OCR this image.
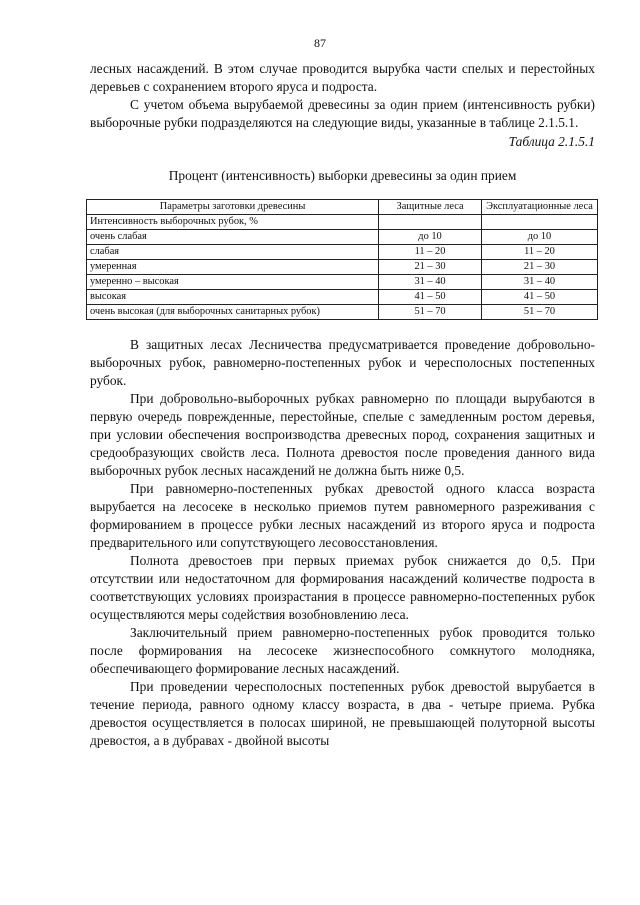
87

лесных насаждений. В этом случае проводится вырубка части спелых и перестойных деревьев с сохранением второго яруса и подроста.

С учетом объема вырубаемой древесины за один прием (интенсивность рубки) выборочные рубки подразделяются на следующие виды, указанные в таблице 2.1.5.1.

Таблица 2.1.5.1
Процент (интенсивность) выборки древесины за один прием
Параметры заготовки древесины	Защитные леса	Эксплуатационные леса
Интенсивность выборочных рубок, %		
очень слабая	до 10	до 10
слабая	11 – 20	11 – 20
умеренная	21 – 30	21 – 30
умеренно – высокая	31 – 40	31 – 40
высокая	41 – 50	41 – 50
очень высокая (для выборочных санитарных рубок)	51 – 70	51 – 70

В защитных лесах Лесничества предусматривается проведение добровольно-выборочных рубок, равномерно-постепенных рубок и чересполосных постепенных рубок.

При добровольно-выборочных рубках равномерно по площади вырубаются в первую очередь поврежденные, перестойные, спелые с замедленным ростом деревья, при условии обеспечения воспроизводства древесных пород, сохранения защитных и средообразующих свойств леса. Полнота древостоя после проведения данного вида выборочных рубок лесных насаждений не должна быть ниже 0,5.

При равномерно-постепенных рубках древостой одного класса возраста вырубается на лесосеке в несколько приемов путем равномерного разреживания с формированием в процессе рубки лесных насаждений из второго яруса и подроста предварительного или сопутствующего лесовосстановления.

Полнота древостоев при первых приемах рубок снижается до 0,5. При отсутствии или недостаточном для формирования насаждений количестве подроста в соответствующих условиях произрастания в процессе равномерно-постепенных рубок осуществляются меры содействия возобновлению леса.

Заключительный прием равномерно-постепенных рубок проводится только после формирования на лесосеке жизнеспособного сомкнутого молодняка, обеспечивающего формирование лесных насаждений.

При проведении чересполосных постепенных рубок древостой вырубается в течение периода, равного одному классу возраста, в два - четыре приема. Рубка древостоя осуществляется в полосах шириной, не превышающей полуторной высоты древостоя, а в дубравах - двойной высоты
